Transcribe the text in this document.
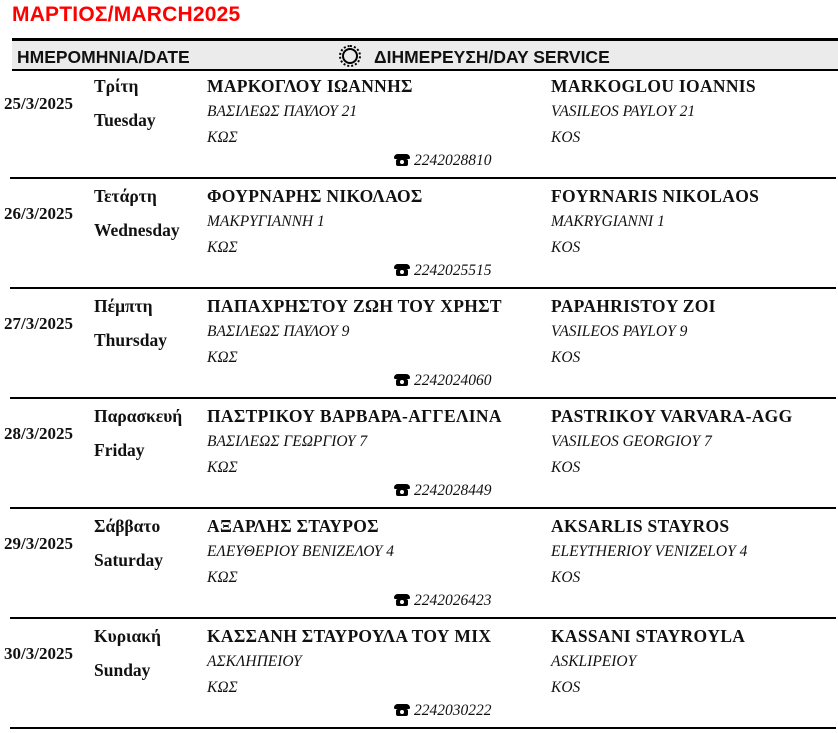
ΜΑΡΤΙΟΣ/MARCH2025
ΗΜΕΡΟΜΗΝΙΑ/DATE	ΔΙΗΜΕΡΕΥΣΗ/DAY SERVICE
25/3/2025
Τρίτη
Tuesday
ΜΑΡΚΟΓΛΟΥ ΙΩΑΝΝΗΣ	MARKOGLOU IOANNIS
ΒΑΣΙΛΕΩΣ ΠΑΥΛΟΥ 21	VASILEOS PAYLOY 21
ΚΩΣ	KOS
2242028810
26/3/2025
Τετάρτη
Wednesday
ΦΟΥΡΝΑΡΗΣ ΝΙΚΟΛΑΟΣ	FOYRNARIS NIKOLAOS
ΜΑΚΡΥΓΙΑΝΝΗ 1	MAKRYGIANNI 1
ΚΩΣ	KOS
2242025515
27/3/2025
Πέμπτη
Thursday
ΠΑΠΑΧΡΗΣΤΟΥ ΖΩΗ ΤΟΥ ΧΡΗΣΤ	PAPAHRISTOY ZOI
ΒΑΣΙΛΕΩΣ ΠΑΥΛΟΥ 9	VASILEOS PAYLOY 9
ΚΩΣ	KOS
2242024060
28/3/2025
Παρασκευή
Friday
ΠΑΣΤΡΙΚΟΥ ΒΑΡΒΑΡΑ-ΑΓΓΕΛΙΝΑ	PASTRIKOY VARVARA-AGG
ΒΑΣΙΛΕΩΣ ΓΕΩΡΓΙΟΥ 7	VASILEOS GEORGIOY 7
ΚΩΣ	KOS
2242028449
29/3/2025
Σάββατο
Saturday
ΑΞΑΡΛΗΣ ΣΤΑΥΡΟΣ	AKSARLIS STAYROS
ΕΛΕΥΘΕΡΙΟΥ ΒΕΝΙΖΕΛΟΥ 4	ELEYTHERIOY VENIZELOY 4
ΚΩΣ	KOS
2242026423
30/3/2025
Κυριακή
Sunday
ΚΑΣΣΑΝΗ ΣΤΑΥΡΟΥΛΑ ΤΟΥ ΜΙΧ	KASSANI STAYROYLA
ΑΣΚΛΗΠΕΙΟΥ	ASKLIPEIOY
ΚΩΣ	KOS
2242030222
